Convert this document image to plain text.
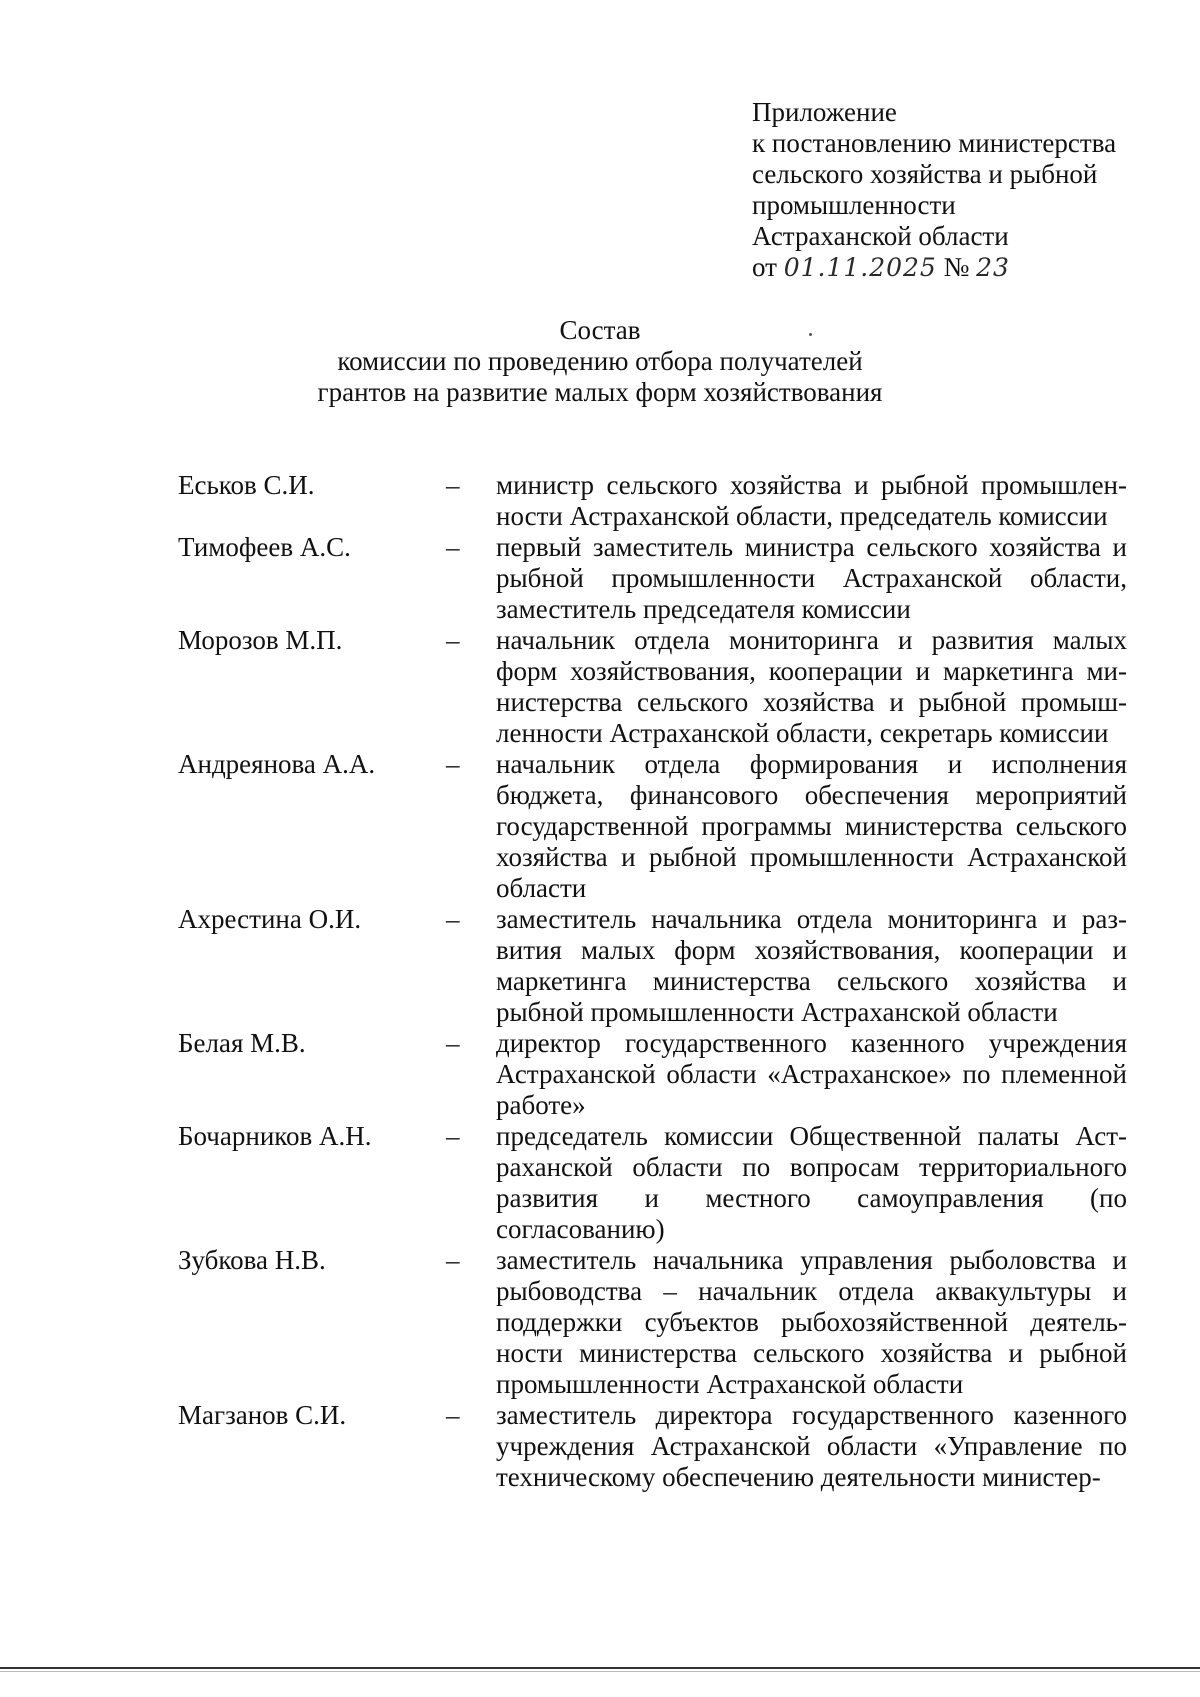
Приложение
к постановлению министерства
сельского хозяйства и рыбной
промышленности
Астраханской области
от 01.11.2025 № 23
Состав
комиссии по проведению отбора получателей
грантов на развитие малых форм хозяйствования
Еськов С.И.	–	министр сельского хозяйства и рыбной промышленности Астраханской области, председатель комиссии
Тимофеев А.С.	–	первый заместитель министра сельского хозяйства и рыбной промышленности Астраханской области, заместитель председателя комиссии
Морозов М.П.	–	начальник отдела мониторинга и развития малых форм хозяйствования, кооперации и маркетинга министерства сельского хозяйства и рыбной промышленности Астраханской области, секретарь комиссии
Андреянова А.А.	–	начальник отдела формирования и исполнения бюджета, финансового обеспечения мероприятий государственной программы министерства сельского хозяйства и рыбной промышленности Астраханской области
Ахрестина О.И.	–	заместитель начальника отдела мониторинга и развития малых форм хозяйствования, кооперации и маркетинга министерства сельского хозяйства и рыбной промышленности Астраханской области
Белая М.В.	–	директор государственного казенного учреждения Астраханской области «Астраханское» по племенной работе»
Бочарников А.Н.	–	председатель комиссии Общественной палаты Астраханской области по вопросам территориального развития и местного самоуправления (по согласованию)
Зубкова Н.В.	–	заместитель начальника управления рыболовства и рыбоводства – начальник отдела аквакультуры и поддержки субъектов рыбохозяйственной деятельности министерства сельского хозяйства и рыбной промышленности Астраханской области
Магзанов С.И.	–	заместитель директора государственного казенного учреждения Астраханской области «Управление по техническому обеспечению деятельности министер-
